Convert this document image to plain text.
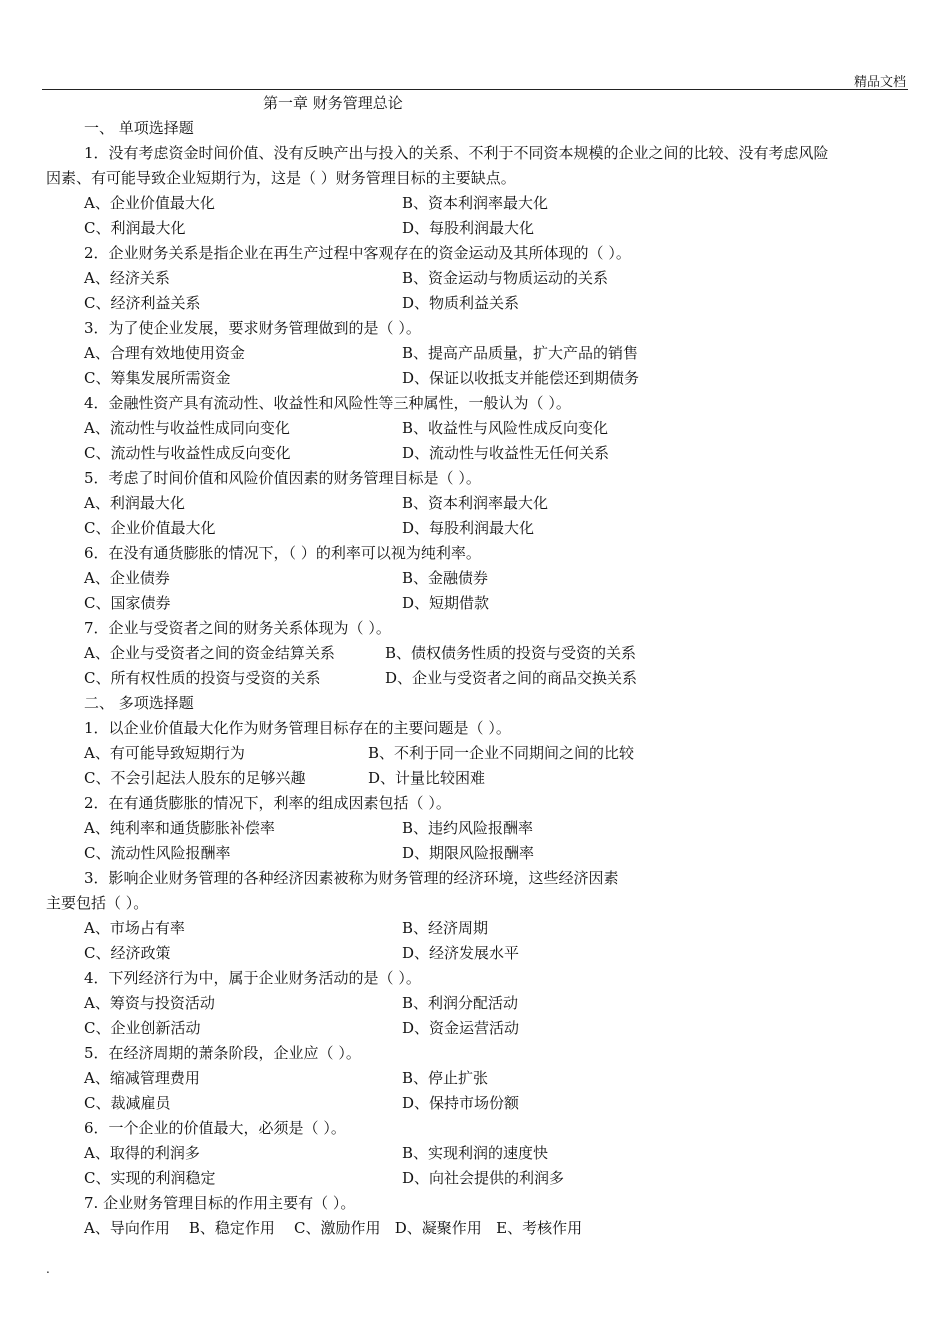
精品文档
第一章 财务管理总论
一、 单项选择题
1．没有考虑资金时间价值、没有反映产出与投入的关系、不利于不同资本规模的企业之间的比较、没有考虑风险
因素、有可能导致企业短期行为，这是（ ）财务管理目标的主要缺点。
A、企业价值最大化	B、资本利润率最大化
C、利润最大化	D、每股利润最大化
2．企业财务关系是指企业在再生产过程中客观存在的资金运动及其所体现的（ ）。
A、经济关系	B、资金运动与物质运动的关系
C、经济利益关系	D、物质利益关系
3．为了使企业发展，要求财务管理做到的是（ ）。
A、合理有效地使用资金	B、提高产品质量，扩大产品的销售
C、筹集发展所需资金	D、保证以收抵支并能偿还到期债务
4．金融性资产具有流动性、收益性和风险性等三种属性，一般认为（ ）。
A、流动性与收益性成同向变化	B、收益性与风险性成反向变化
C、流动性与收益性成反向变化	D、流动性与收益性无任何关系
5．考虑了时间价值和风险价值因素的财务管理目标是（ ）。
A、利润最大化	B、资本利润率最大化
C、企业价值最大化	D、每股利润最大化
6．在没有通货膨胀的情况下，（ ）的利率可以视为纯利率。
A、企业债券	B、金融债券
C、国家债券	D、短期借款
7．企业与受资者之间的财务关系体现为（ ）。
A、企业与受资者之间的资金结算关系	B、债权债务性质的投资与受资的关系
C、所有权性质的投资与受资的关系	D、企业与受资者之间的商品交换关系
二、 多项选择题
1．以企业价值最大化作为财务管理目标存在的主要问题是（ ）。
A、有可能导致短期行为	B、不利于同一企业不同期间之间的比较
C、不会引起法人股东的足够兴趣	D、计量比较困难
2．在有通货膨胀的情况下，利率的组成因素包括（ ）。
A、纯利率和通货膨胀补偿率	B、违约风险报酬率
C、流动性风险报酬率	D、期限风险报酬率
3．影响企业财务管理的各种经济因素被称为财务管理的经济环境，这些经济因素
主要包括（ ）。
A、市场占有率	B、经济周期
C、经济政策	D、经济发展水平
4．下列经济行为中，属于企业财务活动的是（ ）。
A、筹资与投资活动	B、利润分配活动
C、企业创新活动	D、资金运营活动
5．在经济周期的萧条阶段，企业应（ ）。
A、缩减管理费用	B、停止扩张
C、裁减雇员	D、保持市场份额
6．一个企业的价值最大，必须是（ ）。
A、取得的利润多	B、实现利润的速度快
C、实现的利润稳定	D、向社会提供的利润多
7. 企业财务管理目标的作用主要有（ ）。
A、导向作用    B、稳定作用    C、激励作用   D、凝聚作用   E、考核作用
.
